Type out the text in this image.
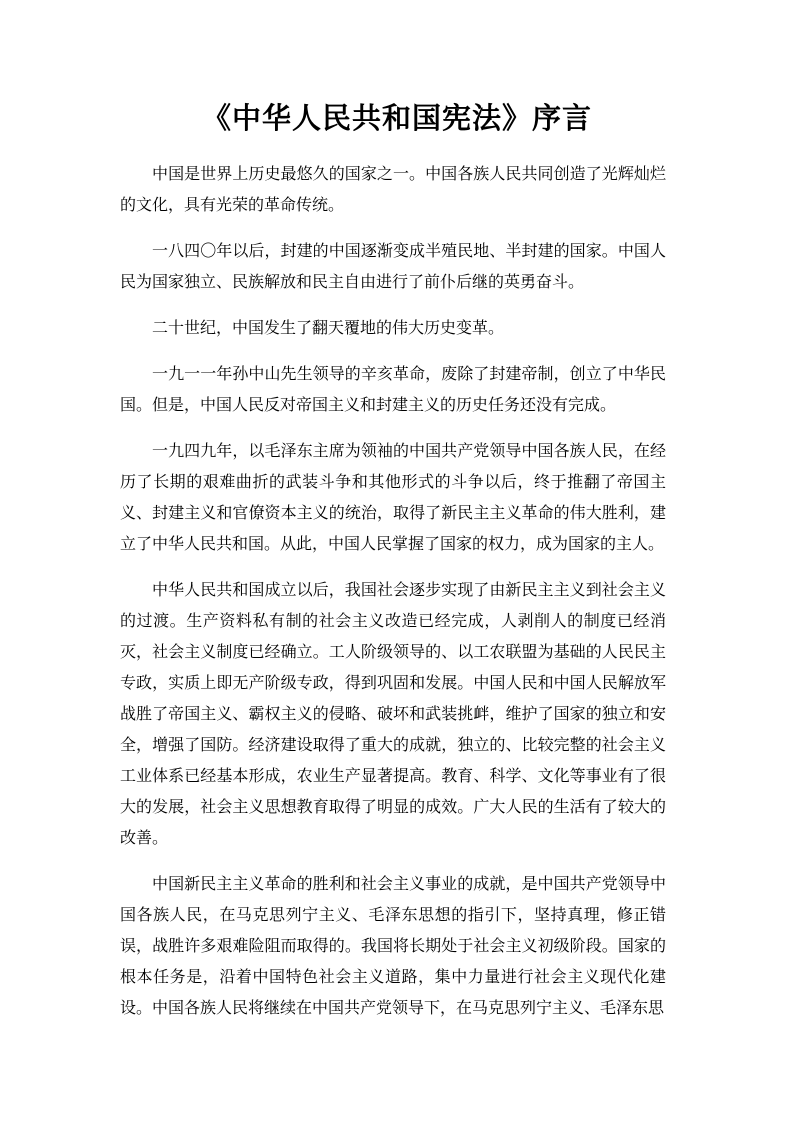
《中华人民共和国宪法》序言

中国是世界上历史最悠久的国家之一。中国各族人民共同创造了光辉灿烂的文化，具有光荣的革命传统。

一八四〇年以后，封建的中国逐渐变成半殖民地、半封建的国家。中国人民为国家独立、民族解放和民主自由进行了前仆后继的英勇奋斗。

二十世纪，中国发生了翻天覆地的伟大历史变革。

一九一一年孙中山先生领导的辛亥革命，废除了封建帝制，创立了中华民国。但是，中国人民反对帝国主义和封建主义的历史任务还没有完成。

一九四九年，以毛泽东主席为领袖的中国共产党领导中国各族人民，在经历了长期的艰难曲折的武装斗争和其他形式的斗争以后，终于推翻了帝国主义、封建主义和官僚资本主义的统治，取得了新民主主义革命的伟大胜利，建立了中华人民共和国。从此，中国人民掌握了国家的权力，成为国家的主人。

中华人民共和国成立以后，我国社会逐步实现了由新民主主义到社会主义的过渡。生产资料私有制的社会主义改造已经完成，人剥削人的制度已经消灭，社会主义制度已经确立。工人阶级领导的、以工农联盟为基础的人民民主专政，实质上即无产阶级专政，得到巩固和发展。中国人民和中国人民解放军战胜了帝国主义、霸权主义的侵略、破坏和武装挑衅，维护了国家的独立和安全，增强了国防。经济建设取得了重大的成就，独立的、比较完整的社会主义工业体系已经基本形成，农业生产显著提高。教育、科学、文化等事业有了很大的发展，社会主义思想教育取得了明显的成效。广大人民的生活有了较大的改善。

中国新民主主义革命的胜利和社会主义事业的成就，是中国共产党领导中国各族人民，在马克思列宁主义、毛泽东思想的指引下，坚持真理，修正错误，战胜许多艰难险阻而取得的。我国将长期处于社会主义初级阶段。国家的根本任务是，沿着中国特色社会主义道路，集中力量进行社会主义现代化建设。中国各族人民将继续在中国共产党领导下，在马克思列宁主义、毛泽东思
